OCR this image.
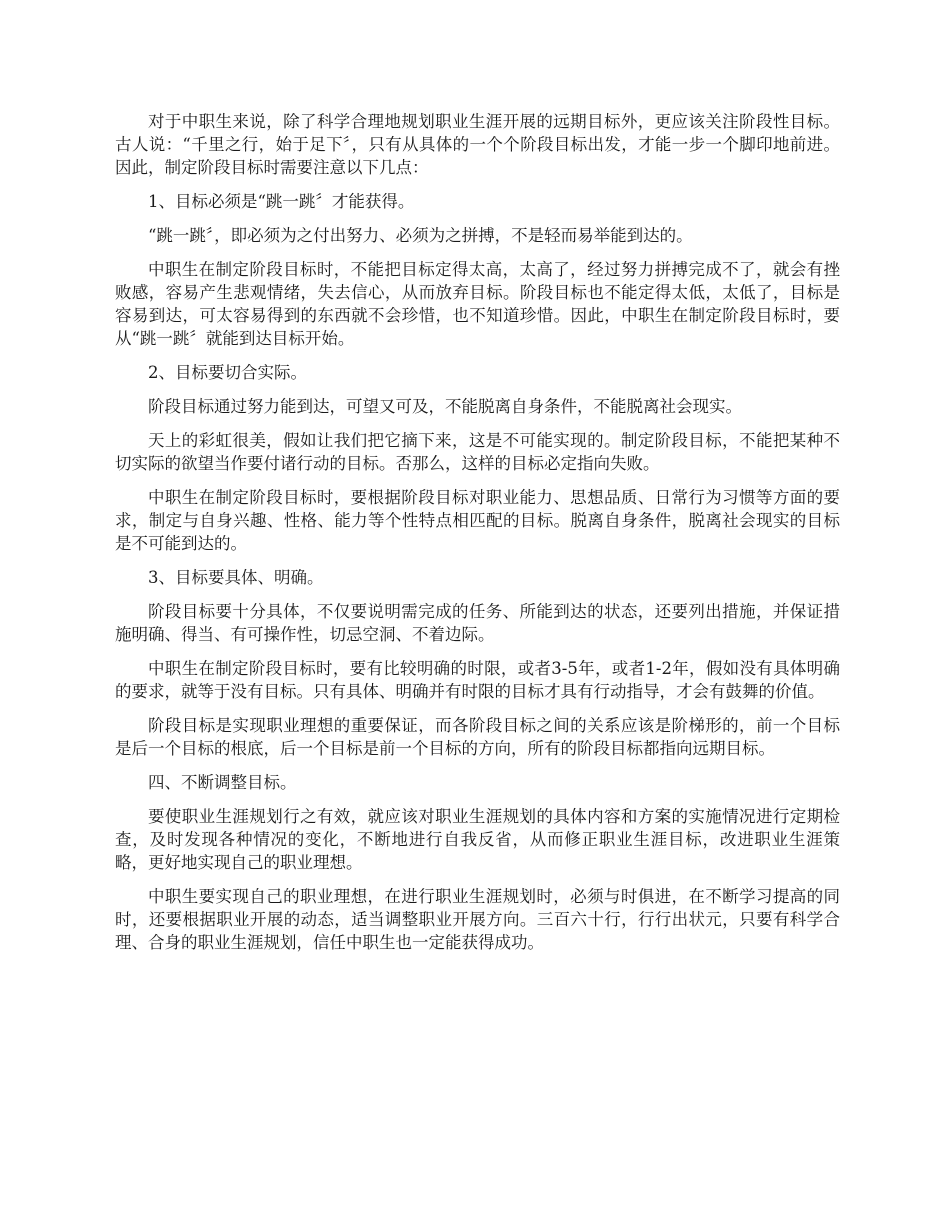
对于中职生来说，除了科学合理地规划职业生涯开展的远期目标外，更应该关注阶段性目标。古人说：“千里之行，始于足下〞，只有从具体的一个个阶段目标出发，才能一步一个脚印地前进。因此，制定阶段目标时需要注意以下几点：

1、目标必须是“跳一跳〞才能获得。

“跳一跳〞，即必须为之付出努力、必须为之拼搏，不是轻而易举能到达的。

中职生在制定阶段目标时，不能把目标定得太高，太高了，经过努力拼搏完成不了，就会有挫败感，容易产生悲观情绪，失去信心，从而放弃目标。阶段目标也不能定得太低，太低了，目标是容易到达，可太容易得到的东西就不会珍惜，也不知道珍惜。因此，中职生在制定阶段目标时，要从“跳一跳〞就能到达目标开始。

2、目标要切合实际。

阶段目标通过努力能到达，可望又可及，不能脱离自身条件，不能脱离社会现实。

天上的彩虹很美，假如让我们把它摘下来，这是不可能实现的。制定阶段目标，不能把某种不切实际的欲望当作要付诸行动的目标。否那么，这样的目标必定指向失败。

中职生在制定阶段目标时，要根据阶段目标对职业能力、思想品质、日常行为习惯等方面的要求，制定与自身兴趣、性格、能力等个性特点相匹配的目标。脱离自身条件，脱离社会现实的目标是不可能到达的。

3、目标要具体、明确。

阶段目标要十分具体，不仅要说明需完成的任务、所能到达的状态，还要列出措施，并保证措施明确、得当、有可操作性，切忌空洞、不着边际。

中职生在制定阶段目标时，要有比较明确的时限，或者3-5年，或者1-2年，假如没有具体明确的要求，就等于没有目标。只有具体、明确并有时限的目标才具有行动指导，才会有鼓舞的价值。

阶段目标是实现职业理想的重要保证，而各阶段目标之间的关系应该是阶梯形的，前一个目标是后一个目标的根底，后一个目标是前一个目标的方向，所有的阶段目标都指向远期目标。

四、不断调整目标。

要使职业生涯规划行之有效，就应该对职业生涯规划的具体内容和方案的实施情况进行定期检查，及时发现各种情况的变化，不断地进行自我反省，从而修正职业生涯目标，改进职业生涯策略，更好地实现自己的职业理想。

中职生要实现自己的职业理想，在进行职业生涯规划时，必须与时俱进，在不断学习提高的同时，还要根据职业开展的动态，适当调整职业开展方向。三百六十行，行行出状元，只要有科学合理、合身的职业生涯规划，信任中职生也一定能获得成功。
